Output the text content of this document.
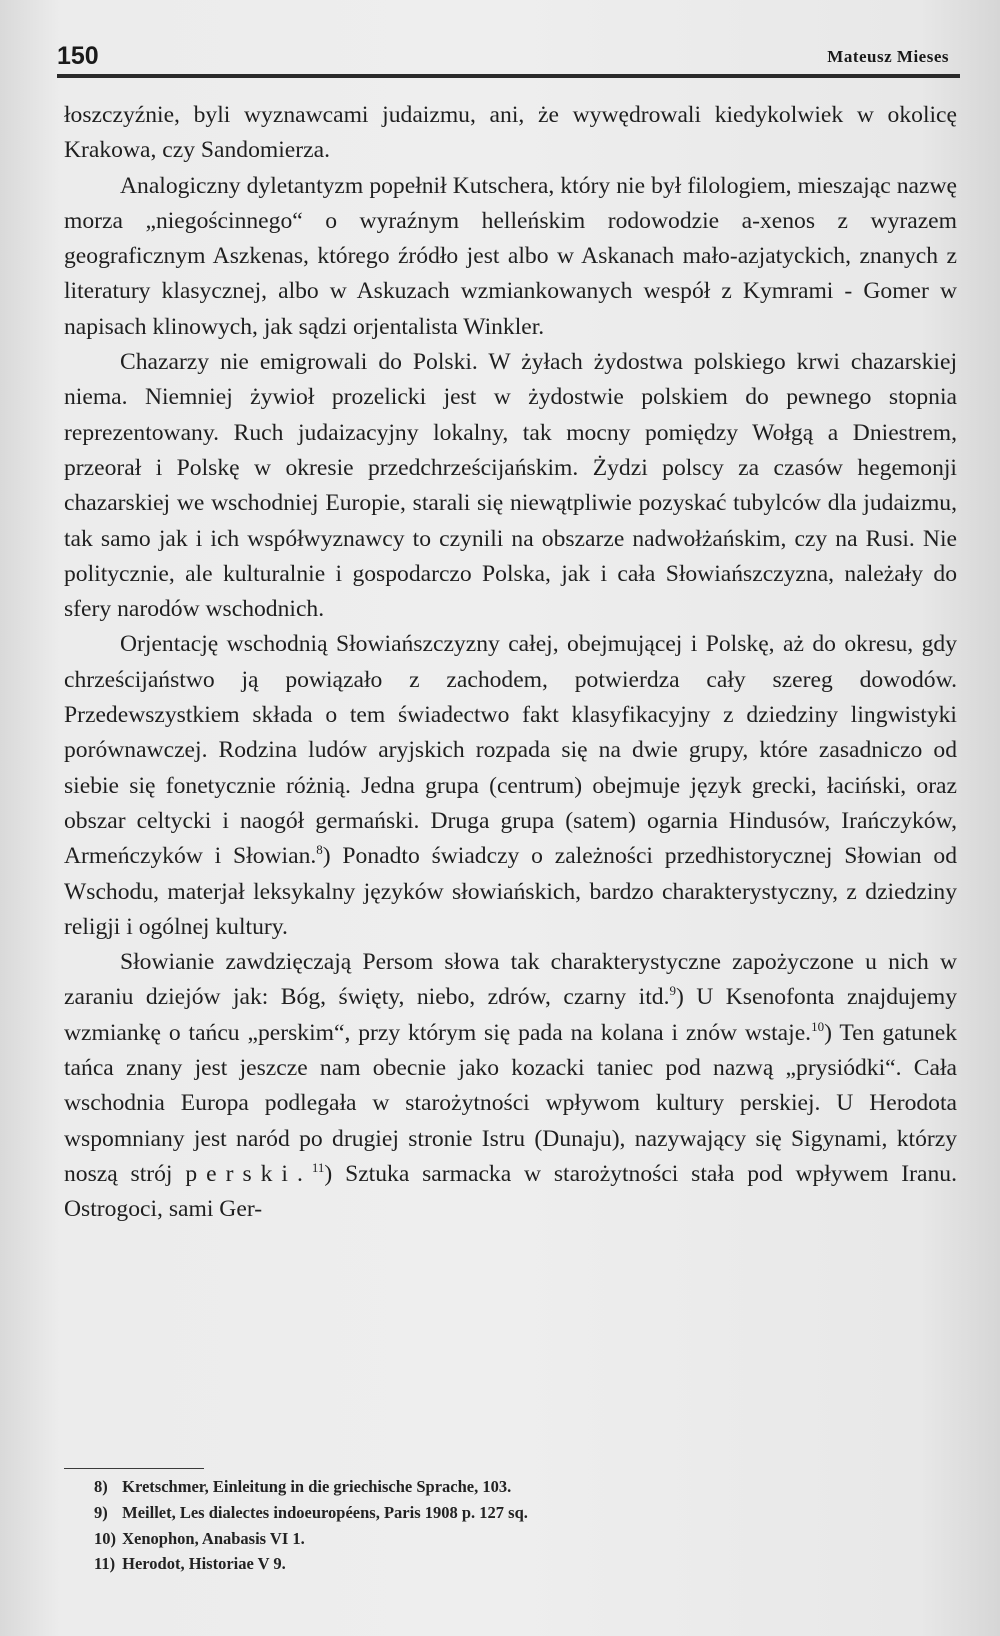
150	Mateusz Mieses

łoszczyźnie, byli wyznawcami judaizmu, ani, że wywędrowali kiedykolwiek w okolicę Krakowa, czy Sandomierza.

Analogiczny dyletantyzm popełnił Kutschera, który nie był filologiem, mieszając nazwę morza „niegościnnego“ o wyraźnym helleńskim rodowodzie a-xenos z wyrazem geograficznym Aszkenas, którego źródło jest albo w Askanach mało-azjatyckich, znanych z literatury klasycznej, albo w Askuzach wzmiankowanych wespół z Kymrami - Gomer w napisach klinowych, jak sądzi orjentalista Winkler.

Chazarzy nie emigrowali do Polski. W żyłach żydostwa polskiego krwi chazarskiej niema. Niemniej żywioł prozelicki jest w żydostwie polskiem do pewnego stopnia reprezentowany. Ruch judaizacyjny lokalny, tak mocny pomiędzy Wołgą a Dniestrem, przeorał i Polskę w okresie przedchrześcijańskim. Żydzi polscy za czasów hegemonji chazarskiej we wschodniej Europie, starali się niewątpliwie pozyskać tubylców dla judaizmu, tak samo jak i ich współwyznawcy to czynili na obszarze nadwołżańskim, czy na Rusi. Nie politycznie, ale kulturalnie i gospodarczo Polska, jak i cała Słowiańszczyzna, należały do sfery narodów wschodnich.

Orjentację wschodnią Słowiańszczyzny całej, obejmującej i Polskę, aż do okresu, gdy chrześcijaństwo ją powiązało z zachodem, potwierdza cały szereg dowodów. Przedewszystkiem składa o tem świadectwo fakt klasyfikacyjny z dziedziny lingwistyki porównawczej. Rodzina ludów aryjskich rozpada się na dwie grupy, które zasadniczo od siebie się fonetycznie różnią. Jedna grupa (centrum) obejmuje język grecki, łaciński, oraz obszar celtycki i naogół germański. Druga grupa (satem) ogarnia Hindusów, Irańczyków, Armeńczyków i Słowian.$^8$) Ponadto świadczy o zależności przedhistorycznej Słowian od Wschodu, materjał leksykalny języków słowiańskich, bardzo charakterystyczny, z dziedziny religji i ogólnej kultury.

Słowianie zawdzięczają Persom słowa tak charakterystyczne zapożyczone u nich w zaraniu dziejów jak: Bóg, święty, niebo, zdrów, czarny itd.$^9$) U Ksenofonta znajdujemy wzmiankę o tańcu „perskim“, przy którym się pada na kolana i znów wstaje.$^{10}$) Ten gatunek tańca znany jest jeszcze nam obecnie jako kozacki taniec pod nazwą „prysiódki“. Cała wschodnia Europa podlegała w starożytności wpływom kultury perskiej. U Herodota wspomniany jest naród po drugiej stronie Istru (Dunaju), nazywający się Sigynami, którzy noszą strój perski.$^{11}$) Sztuka sarmacka w starożytności stała pod wpływem Iranu. Ostrogoci, sami Ger-

8) Kretschmer, Einleitung in die griechische Sprache, 103.

9) Meillet, Les dialectes indoeuropéens, Paris 1908 p. 127 sq.

10) Xenophon, Anabasis VI 1.

11) Herodot, Historiae V 9.
